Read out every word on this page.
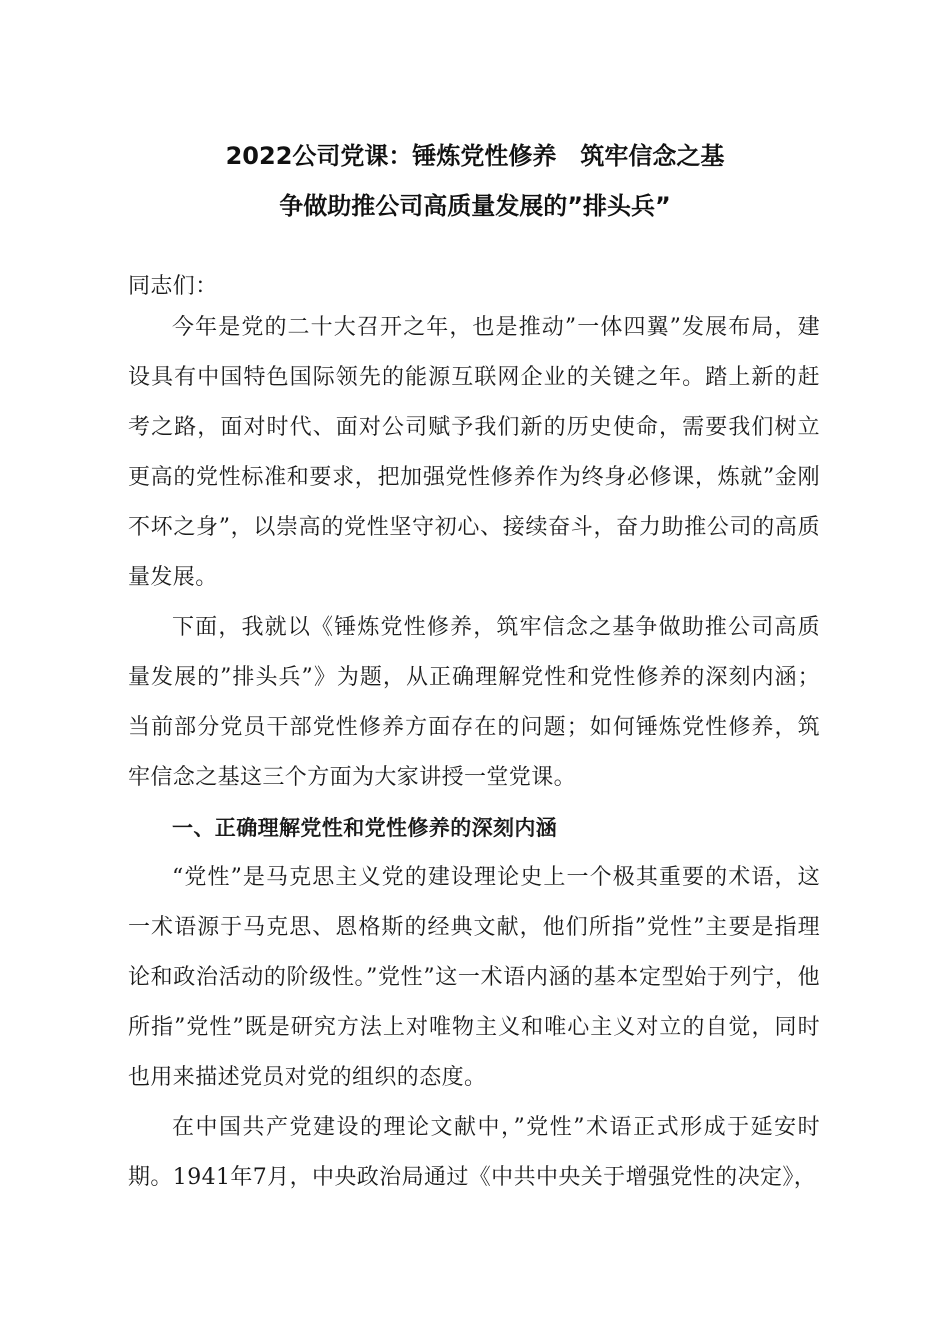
2022公司党课：锤炼党性修养 筑牢信念之基
争做助推公司高质量发展的”排头兵”

同志们：

今年是党的二十大召开之年，也是推动”一体四翼”发展布局，建设具有中国特色国际领先的能源互联网企业的关键之年。踏上新的赶考之路，面对时代、面对公司赋予我们新的历史使命，需要我们树立更高的党性标准和要求，把加强党性修养作为终身必修课，炼就”金刚不坏之身”，以崇高的党性坚守初心、接续奋斗，奋力助推公司的高质量发展。

下面，我就以《锤炼党性修养，筑牢信念之基争做助推公司高质量发展的”排头兵”》为题，从正确理解党性和党性修养的深刻内涵；当前部分党员干部党性修养方面存在的问题；如何锤炼党性修养，筑牢信念之基这三个方面为大家讲授一堂党课。

一、正确理解党性和党性修养的深刻内涵

“党性”是马克思主义党的建设理论史上一个极其重要的术语，这一术语源于马克思、恩格斯的经典文献，他们所指”党性”主要是指理论和政治活动的阶级性。”党性”这一术语内涵的基本定型始于列宁，他所指”党性”既是研究方法上对唯物主义和唯心主义对立的自觉，同时也用来描述党员对党的组织的态度。

在中国共产党建设的理论文献中，”党性”术语正式形成于延安时期。1941年7月，中央政治局通过《中共中央关于增强党性的决定》，
